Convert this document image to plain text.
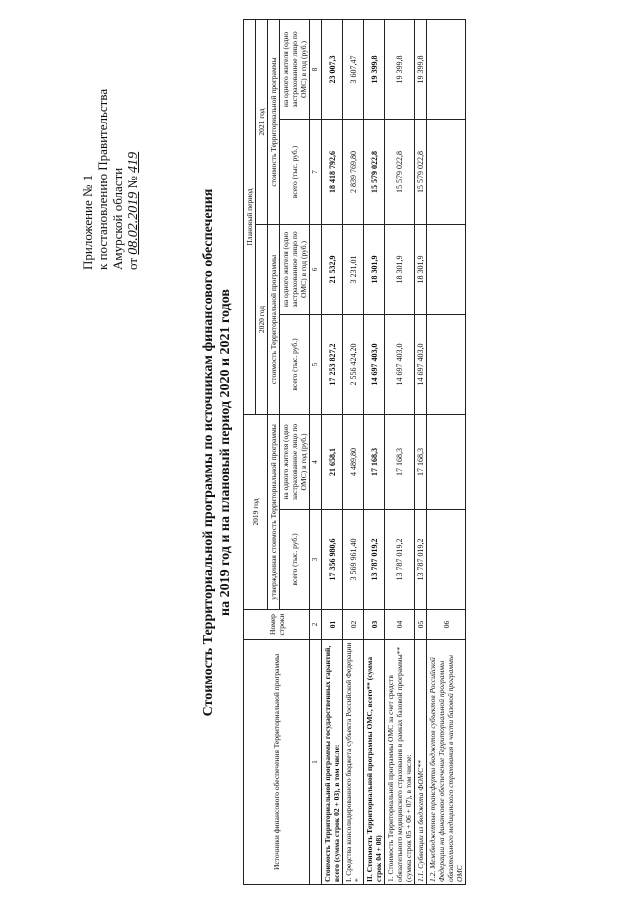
Приложение № 1 к постановлению Правительства Амурской области от 08.02.2019 № 419
Стоимость Территориальной программы по источникам финансового обеспечения на 2019 год и на плановый период 2020 и 2021 годов
Источники финансового обеспечения Территориальной программы	Номер строки	2019 год		Плановый период			
				2020 год		2021 год	
		утвержденная стоимость Территориальной программы		стоимость Территориальной программы		стоимость Территориальной программы	
		всего (тыс. руб.)	на одного жителя (одно застрахованное лицо по ОМС) в год (руб.)	всего (тыс. руб.)	на одного жителя (одно застрахованное лицо по ОМС) в год (руб.)	всего (тыс. руб.)	на одного жителя (одно застрахованное лицо по ОМС) в год (руб.)
1	2	3	4	5	6	7	8
Стоимость Территориальной программы государственных гарантий, всего (сумма строк 02 + 03), в том числе:	01	17 356 980,6	21 658,1	17 253 827,2	21 532,9	18 418 792,6	23 007,3
I. Средства консолидированного бюджета субъекта Российской Федерации *	02	3 569 961,40	4 489,80	2 556 424,20	3 231,01	2 839 769,80	3 607,47
II. Стоимость Территориальной программы ОМС, всего** (сумма строк 04 + 08)	03	13 787 019,2	17 168,3	14 697 403,0	18 301,9	15 579 022,8	19 399,8
1. Стоимость Территориальной программы ОМС за счет средств обязательного медицинского страхования в рамках базовой программы** (сумма строк 05 + 06 + 07), в том числе:	04	13 787 019,2	17 168,3	14 697 403,0	18 301,9	15 579 022,8	19 399,8
1.1. Субвенции из бюджета ФОМС**	05	13 787 019,2	17 168,3	14 697 403,0	18 301,9	15 579 022,8	19 399,8
1.2. Межбюджетные трансферты бюджетов субъектов Российской Федерации на финансовое обеспечение Территориальной программы обязательного медицинского страхования в части базовой программы ОМС	06						
